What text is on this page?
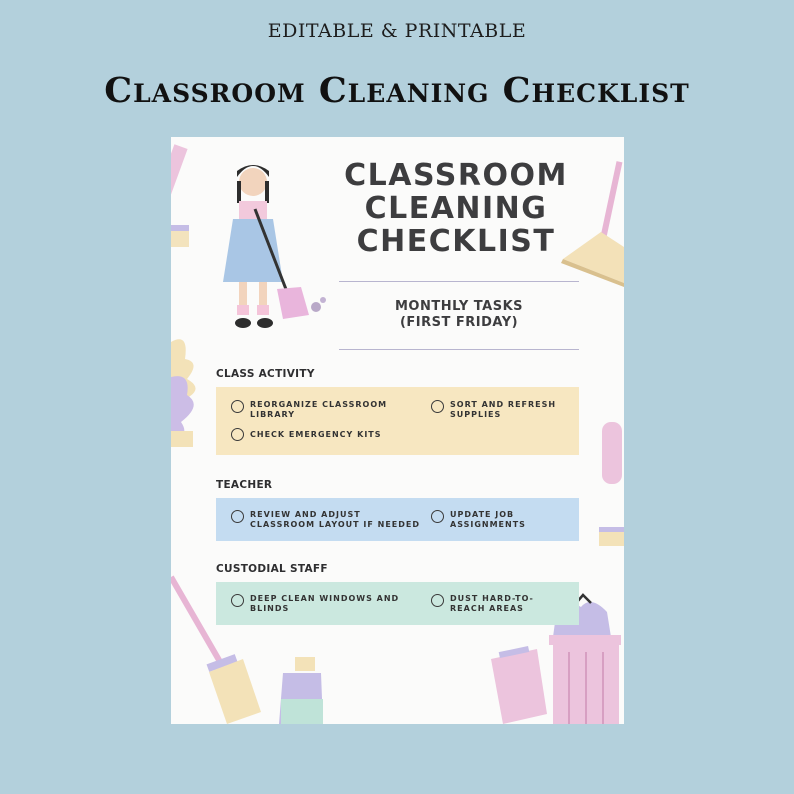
EDITABLE & PRINTABLE
Classroom Cleaning Checklist
CLASSROOM
CLEANING
CHECKLIST
MONTHLY TASKS
(FIRST FRIDAY)
CLASS ACTIVITY
REORGANIZE CLASSROOM
LIBRARY
SORT AND REFRESH
SUPPLIES
CHECK EMERGENCY KITS
TEACHER
REVIEW AND ADJUST
CLASSROOM LAYOUT IF NEEDED
UPDATE JOB
ASSIGNMENTS
CUSTODIAL STAFF
DEEP CLEAN WINDOWS AND
BLINDS
DUST HARD-TO-
REACH AREAS
